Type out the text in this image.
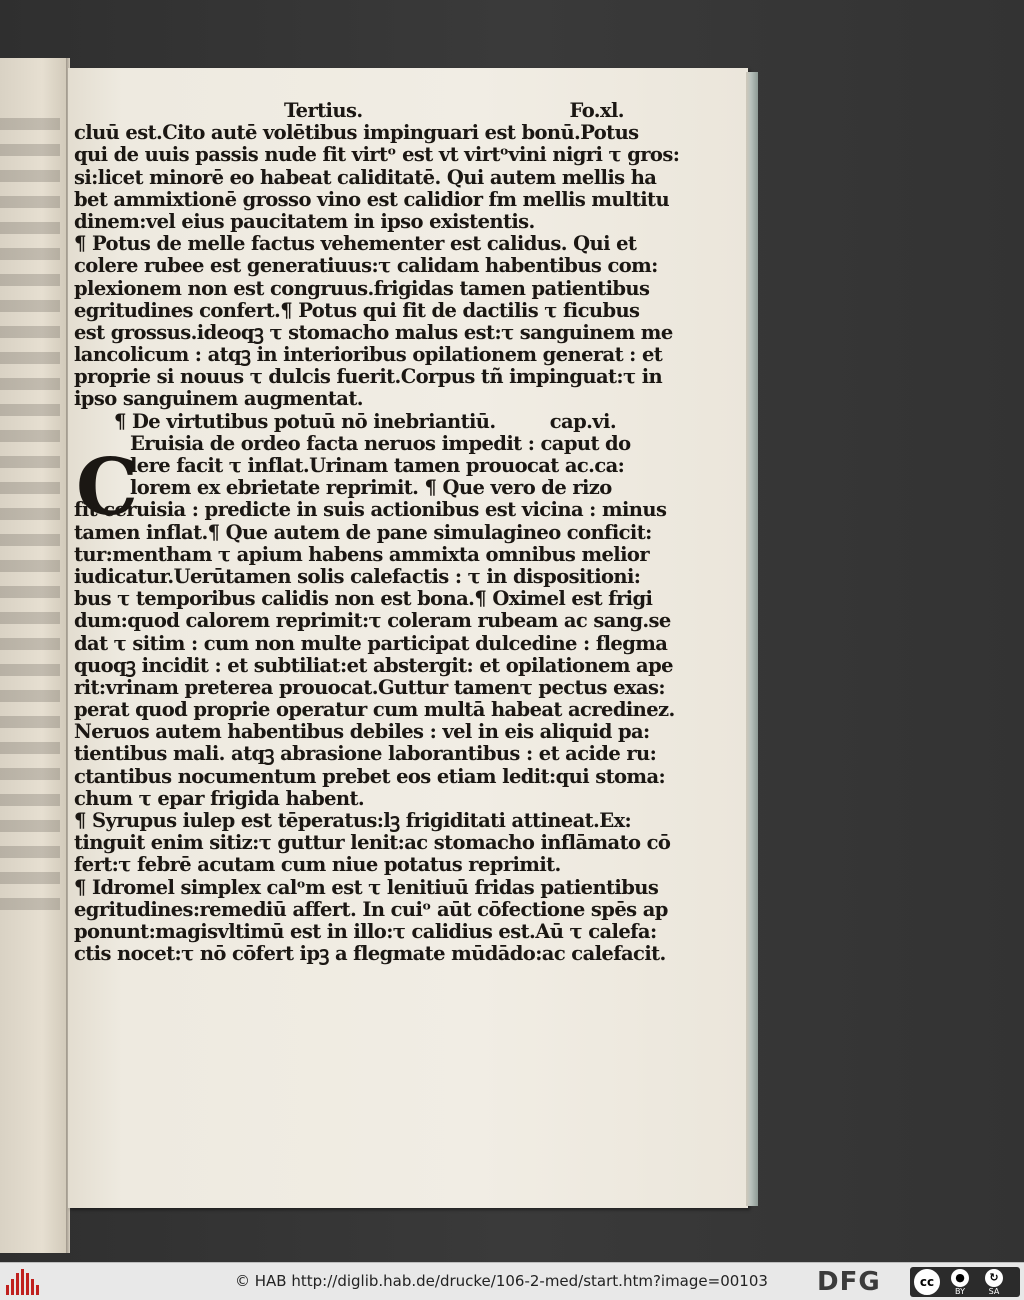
C
Tertius.	Fo.xl.
cluū est.Cito autē volētibus impinguari est bonū.Potus
qui de uuis passis nude fit virtᵒ est vt virtᵒvini nigri τ gros:
si:licet minorē eo habeat caliditatē. Qui autem mellis ha
bet ammixtionē grosso vino est calidior fm mellis multitu
dinem:vel eius paucitatem in ipso existentis.
¶ Potus de melle factus vehementer est calidus. Qui et
colere rubee est generatiuus:τ calidam habentibus com:
plexionem non est congruus.frigidas tamen patientibus
egritudines confert.¶ Potus qui fit de dactilis τ ficubus
est grossus.ideoqꝫ τ stomacho malus est:τ sanguinem me
lancolicum : atqꝫ in interioribus opilationem generat : et
proprie si nouus τ dulcis fuerit.Corpus tñ impinguat:τ in
ipso sanguinem augmentat.
¶ De virtutibus potuū nō inebriantiū.	cap.vi.
Eruisia de ordeo facta neruos impedit : caput do
lere facit τ inflat.Urinam tamen prouocat ac.ca:
lorem ex ebrietate reprimit. ¶ Que vero de rizo
fit ceruisia : predicte in suis actionibus est vicina : minus
tamen inflat.¶ Que autem de pane simulagineo conficit:
tur:mentham τ apium habens ammixta omnibus melior
iudicatur.Uerūtamen solis calefactis : τ in dispositioni:
bus τ temporibus calidis non est bona.¶ Oximel est frigi
dum:quod calorem reprimit:τ coleram rubeam ac sang.se
dat τ sitim : cum non multe participat dulcedine : flegma
quoqꝫ incidit : et subtiliat:et abstergit: et opilationem ape
rit:vrinam preterea prouocat.Guttur tamenτ pectus exas:
perat quod proprie operatur cum multā habeat acredinez.
Neruos autem habentibus debiles : vel in eis aliquid pa:
tientibus mali. atqꝫ abrasione laborantibus : et acide ru:
ctantibus nocumentum prebet eos etiam ledit:qui stoma:
chum τ epar frigida habent.
¶ Syrupus iulep est tēperatus:lꝫ frigiditati attineat.Ex:
tinguit enim sitiz:τ guttur lenit:ac stomacho inflāmato cō
fert:τ febrē acutam cum niue potatus reprimit.
¶ Idromel simplex calᵒm est τ lenitiuū fridas patientibus
egritudines:remediū affert. In cuiᵒ aūt cōfectione spēs ap
ponunt:magisvltimū est in illo:τ calidius est.Aū τ calefa:
ctis nocet:τ nō cōfert ipꝫ a flegmate mūdādo:ac calefacit.
© HAB http://diglib.hab.de/drucke/106-2-med/start.htm?image=00103 DFG	cc	●
BY
↻
SA
